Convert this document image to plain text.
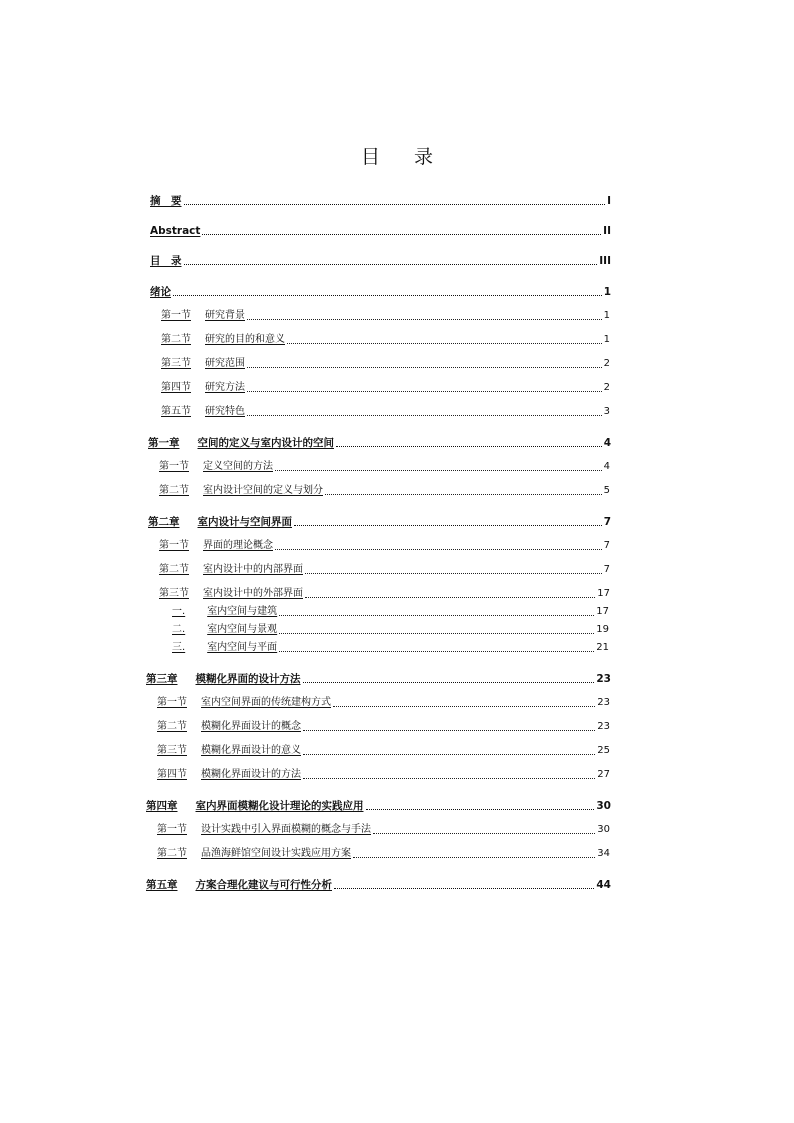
目 录
摘　要	I
Abstract	II
目　录	III
绪论	1
第一节 研究背景	1
第二节 研究的目的和意义	1
第三节 研究范围	2
第四节 研究方法	2
第五节 研究特色	3
第一章 空间的定义与室内设计的空间	4
第一节 定义空间的方法	4
第二节 室内设计空间的定义与划分	5
第二章 室内设计与空间界面	7
第一节 界面的理论概念	7
第二节 室内设计中的内部界面	7
第三节 室内设计中的外部界面	17
一. 室内空间与建筑	17
二. 室内空间与景观	19
三. 室内空间与平面	21
第三章 模糊化界面的设计方法	23
第一节 室内空间界面的传统建构方式	23
第二节 模糊化界面设计的概念	23
第三节 模糊化界面设计的意义	25
第四节 模糊化界面设计的方法	27
第四章 室内界面模糊化设计理论的实践应用	30
第一节 设计实践中引入界面模糊的概念与手法	30
第二节 品渔海鲜馆空间设计实践应用方案	34
第五章 方案合理化建议与可行性分析	44
